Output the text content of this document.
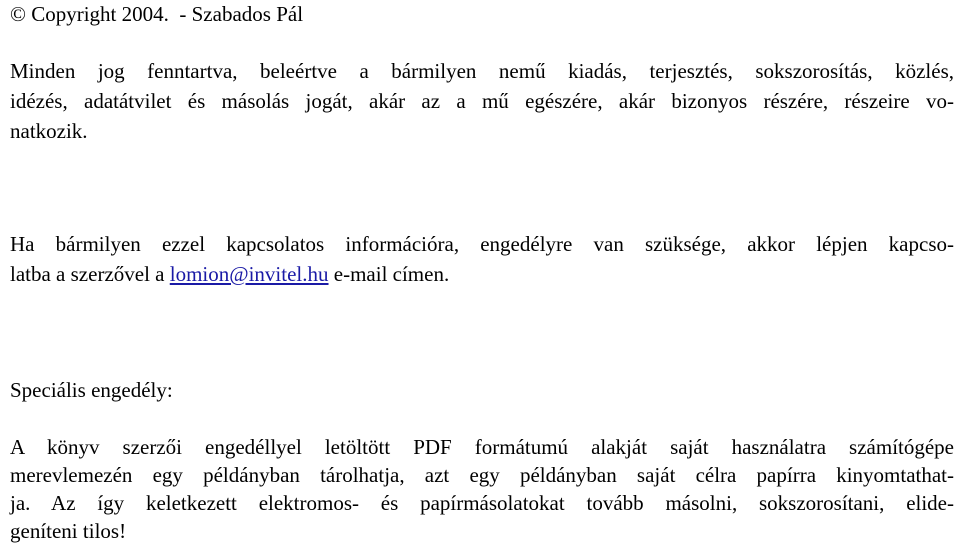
© Copyright 2004.  - Szabados Pál
Minden jog fenntartva, beleértve a bármilyen nemű kiadás, terjesztés, sokszorosítás, közlés,
idézés, adatátvilet és másolás jogát, akár az a mű egészére, akár bizonyos részére, részeire vo-
natkozik.
Ha bármilyen ezzel kapcsolatos információra, engedélyre van szüksége, akkor lépjen kapcso-
latba a szerzővel a lomion@invitel.hu e-mail címen.
Speciális engedély:
A könyv szerzői engedéllyel letöltött PDF formátumú alakját saját használatra számítógépe
merevlemezén egy példányban tárolhatja, azt egy példányban saját célra papírra kinyomtathat-
ja. Az így keletkezett elektromos- és papírmásolatokat tovább másolni, sokszorosítani, elide-
geníteni tilos!
